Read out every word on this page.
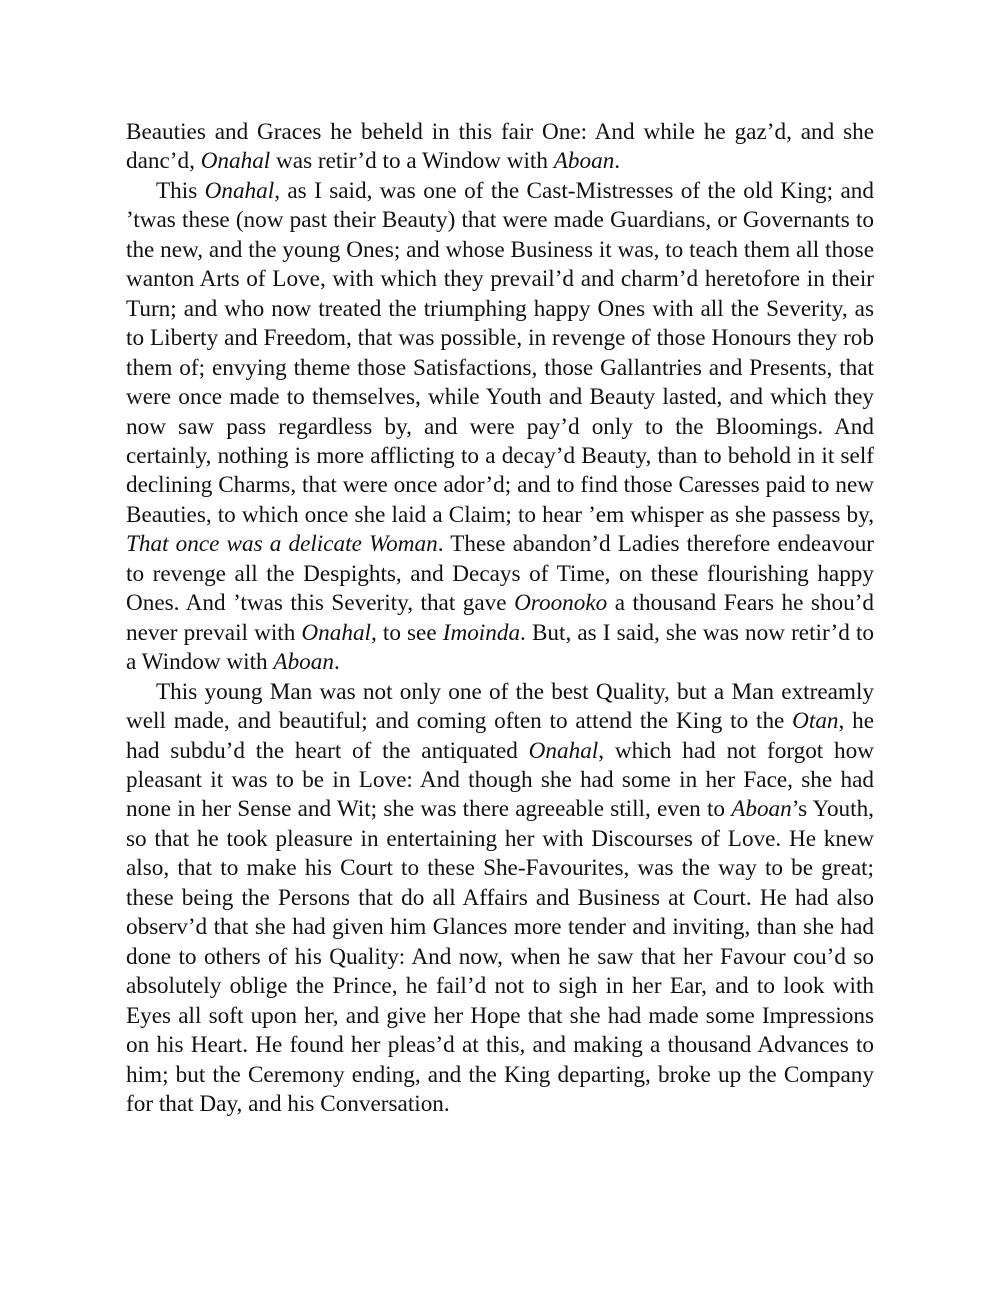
Beauties and Graces he beheld in this fair One: And while he gaz’d, and she danc’d, Onahal was retir’d to a Window with Aboan.

This Onahal, as I said, was one of the Cast-Mistresses of the old King; and ’twas these (now past their Beauty) that were made Guardians, or Governants to the new, and the young Ones; and whose Business it was, to teach them all those wanton Arts of Love, with which they prevail’d and charm’d heretofore in their Turn; and who now treated the triumphing happy Ones with all the Severity, as to Liberty and Freedom, that was possible, in revenge of those Honours they rob them of; envying theme those Satisfactions, those Gallantries and Presents, that were once made to themselves, while Youth and Beauty lasted, and which they now saw pass regardless by, and were pay’d only to the Bloomings. And certainly, nothing is more afflicting to a decay’d Beauty, than to behold in it self declining Charms, that were once ador’d; and to find those Caresses paid to new Beauties, to which once she laid a Claim; to hear ’em whisper as she passess by, That once was a delicate Woman. These abandon’d Ladies therefore endeavour to revenge all the Despights, and Decays of Time, on these flourishing happy Ones. And ’twas this Severity, that gave Oroonoko a thousand Fears he shou’d never prevail with Onahal, to see Imoinda. But, as I said, she was now retir’d to a Window with Aboan.

This young Man was not only one of the best Quality, but a Man extreamly well made, and beautiful; and coming often to attend the King to the Otan, he had subdu’d the heart of the antiquated Onahal, which had not forgot how pleasant it was to be in Love: And though she had some in her Face, she had none in her Sense and Wit; she was there agreeable still, even to Aboan’s Youth, so that he took pleasure in entertaining her with Discourses of Love. He knew also, that to make his Court to these She-Favourites, was the way to be great; these being the Persons that do all Affairs and Business at Court. He had also observ’d that she had given him Glances more tender and inviting, than she had done to others of his Quality: And now, when he saw that her Favour cou’d so absolutely oblige the Prince, he fail’d not to sigh in her Ear, and to look with Eyes all soft upon her, and give her Hope that she had made some Impressions on his Heart. He found her pleas’d at this, and making a thousand Advances to him; but the Ceremony ending, and the King departing, broke up the Company for that Day, and his Conversation.
